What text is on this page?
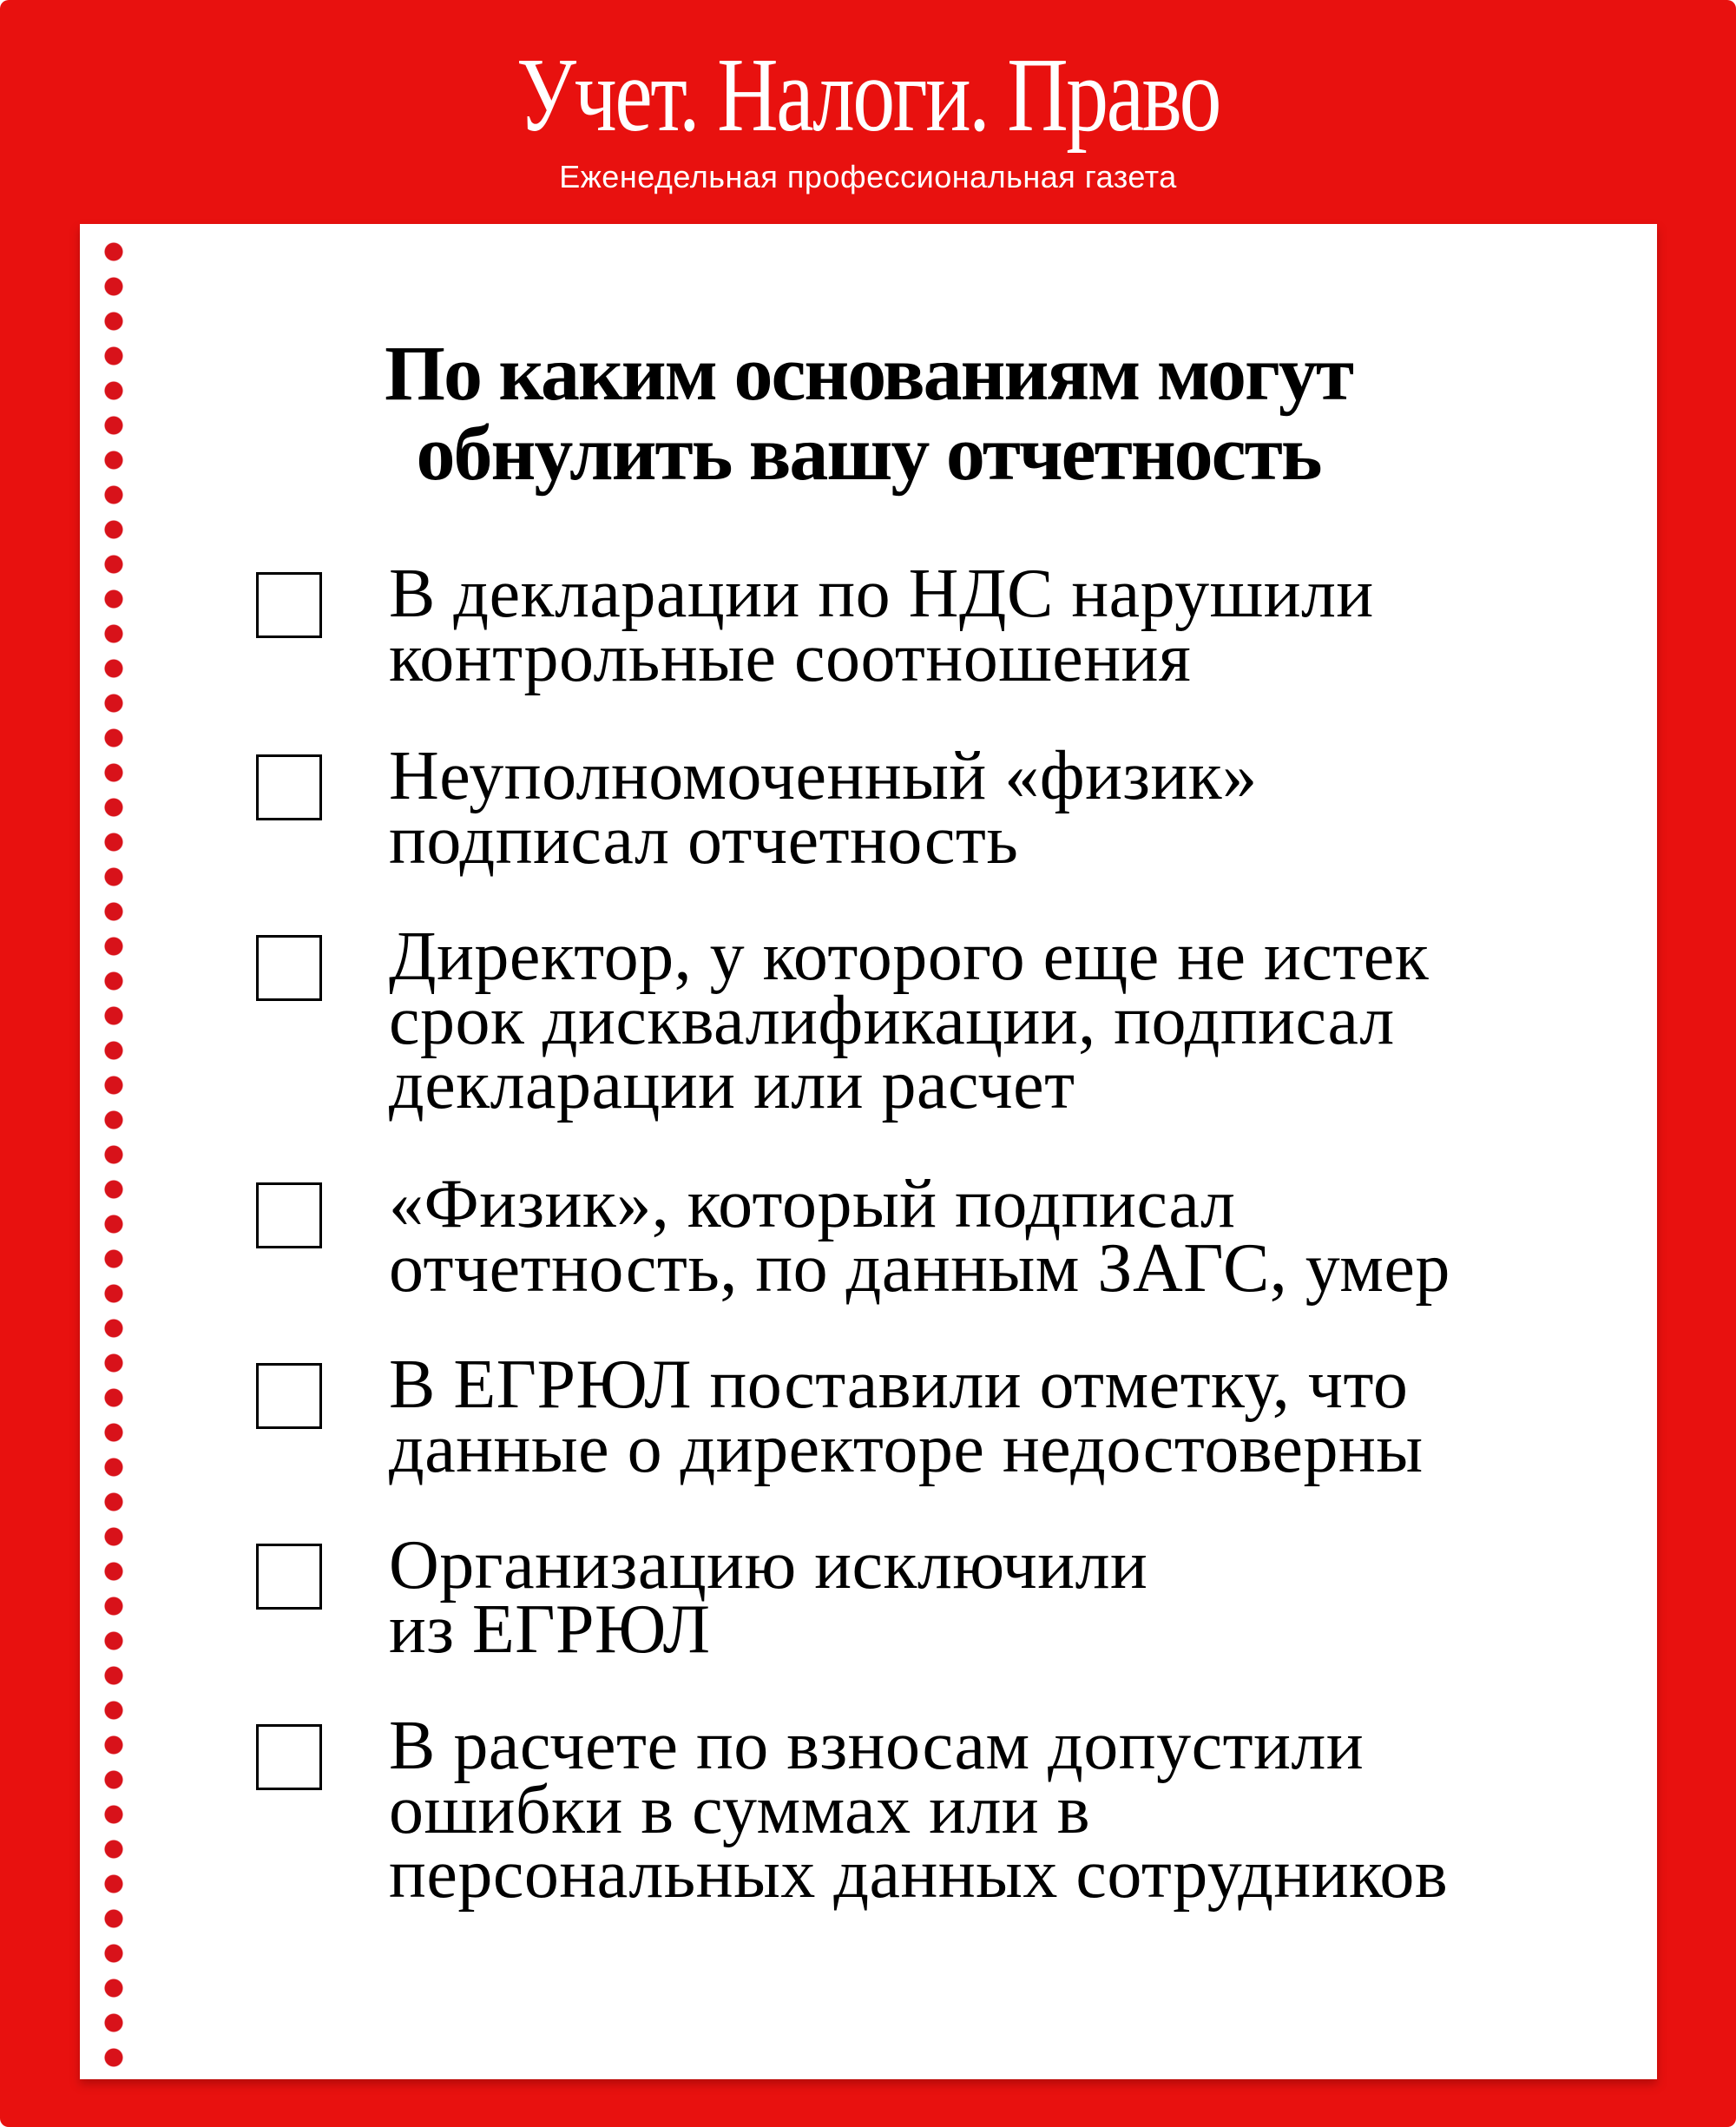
Учет. Налоги. Право
Еженедельная профессиональная газета

По каким основаниям могут
обнулить вашу отчетность

В декларации по НДС нарушили
контрольные соотношения

Неуполномоченный «физик»
подписал отчетность

Директор, у которого еще не истек
срок дисквалификации, подписал
декларации или расчет

«Физик», который подписал
отчетность, по данным ЗАГС, умер

В ЕГРЮЛ поставили отметку, что
данные о директоре недостоверны

Организацию исключили
из ЕГРЮЛ

В расчете по взносам допустили
ошибки в суммах или в
персональных данных сотрудников
